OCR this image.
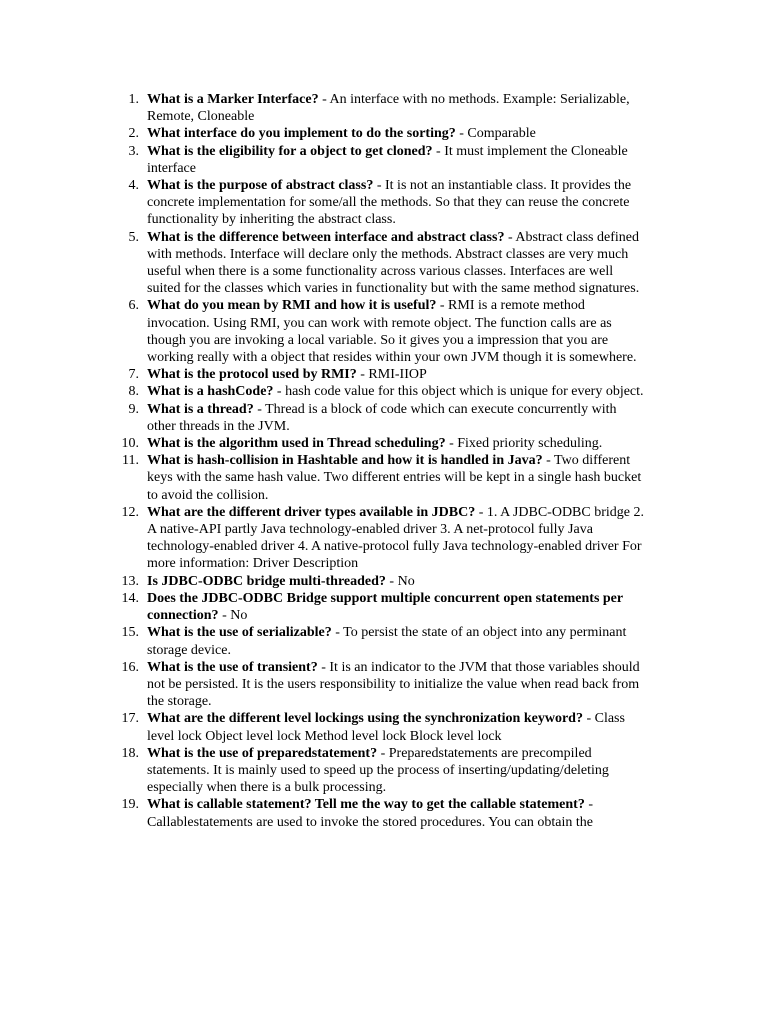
1. What is a Marker Interface? - An interface with no methods. Example: Serializable, Remote, Cloneable
2. What interface do you implement to do the sorting? - Comparable
3. What is the eligibility for a object to get cloned? - It must implement the Cloneable interface
4. What is the purpose of abstract class? - It is not an instantiable class. It provides the concrete implementation for some/all the methods. So that they can reuse the concrete functionality by inheriting the abstract class.
5. What is the difference between interface and abstract class? - Abstract class defined with methods. Interface will declare only the methods. Abstract classes are very much useful when there is a some functionality across various classes. Interfaces are well suited for the classes which varies in functionality but with the same method signatures.
6. What do you mean by RMI and how it is useful? - RMI is a remote method invocation. Using RMI, you can work with remote object. The function calls are as though you are invoking a local variable. So it gives you a impression that you are working really with a object that resides within your own JVM though it is somewhere.
7. What is the protocol used by RMI? - RMI-IIOP
8. What is a hashCode? - hash code value for this object which is unique for every object.
9. What is a thread? - Thread is a block of code which can execute concurrently with other threads in the JVM.
10. What is the algorithm used in Thread scheduling? - Fixed priority scheduling.
11. What is hash-collision in Hashtable and how it is handled in Java? - Two different keys with the same hash value. Two different entries will be kept in a single hash bucket to avoid the collision.
12. What are the different driver types available in JDBC? - 1. A JDBC-ODBC bridge 2. A native-API partly Java technology-enabled driver 3. A net-protocol fully Java technology-enabled driver 4. A native-protocol fully Java technology-enabled driver For more information: Driver Description
13. Is JDBC-ODBC bridge multi-threaded? - No
14. Does the JDBC-ODBC Bridge support multiple concurrent open statements per connection? - No
15. What is the use of serializable? - To persist the state of an object into any perminant storage device.
16. What is the use of transient? - It is an indicator to the JVM that those variables should not be persisted. It is the users responsibility to initialize the value when read back from the storage.
17. What are the different level lockings using the synchronization keyword? - Class level lock Object level lock Method level lock Block level lock
18. What is the use of preparedstatement? - Preparedstatements are precompiled statements. It is mainly used to speed up the process of inserting/updating/deleting especially when there is a bulk processing.
19. What is callable statement? Tell me the way to get the callable statement? - Callablestatements are used to invoke the stored procedures. You can obtain the
